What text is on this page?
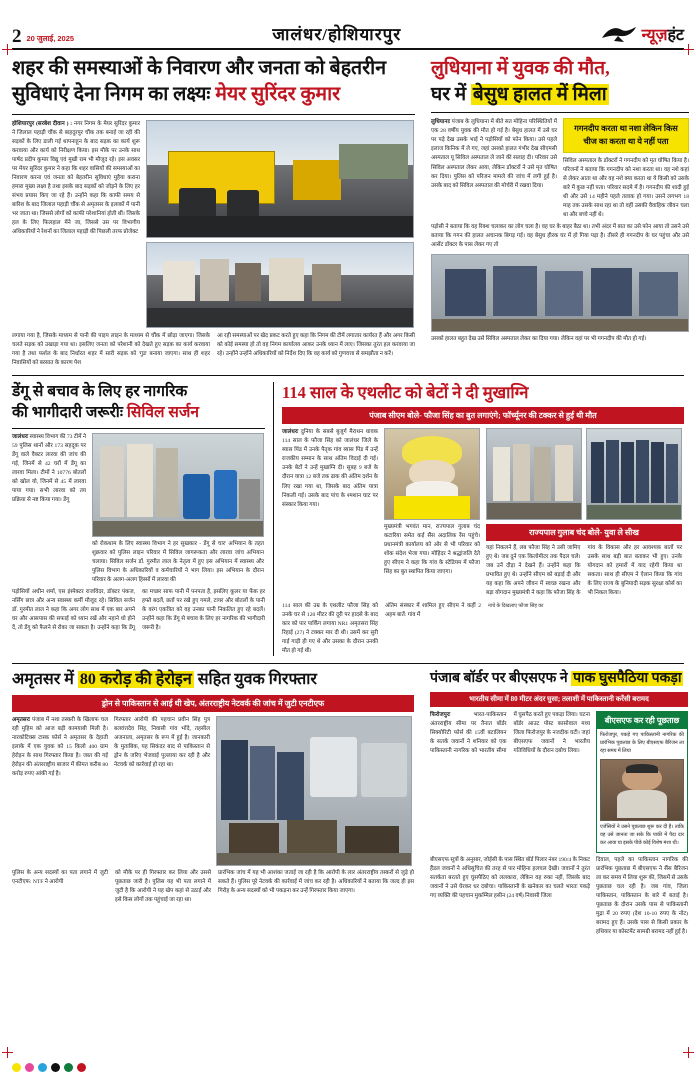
2 20 जुलाई, 2025	जालंधर/होशियारपुर	न्यूज़हंट
शहर की समस्याओं के निवारण और जनता को बेहतरीन
सुविधाएं देना निगम का लक्ष्यः मेयर सुरिंदर कुमार
होशियारपुर (सरबेश दीवान ) : नगर निगम के मेयर सुरिंदर कुमार ने जिलाल पहाड़ी चौंक से बाहदुरपुर चौंक तक बनाई जा रही की सड़कों के लिए डाली गई थापनाहून के बाद सड़क का कार्य शुरू करवाया और कार्य को निरीक्षण किया। इस मौके पर उनके साथ पार्षद प्रदीप कुमार विद्यु एवं मुखी राम भी मौजूद रहे। इस अवसर पर मेयर सुरिंदर कुमार ने कहा कि शहर वासियों की समस्याओं का निवारण करना एवं जनता को बेहतरीन सुविधाएं मुहैया कराना हमारा मुख्य लक्ष्य है तथा इसके बाद सड़कों को जोड़ने के लिए हर संभव प्रयास किए जा रहे हैं। उन्होंने कहा कि काफी समय से बारिश के बाद जिलाल पहाड़ी चौंक से अमृतसर के इलाकों में पानी भर जाता था। जिससे लोगों को काफी परेशानियां होती थीं। जिसके हल के लिए फिलहाल मेंने जा, जिससे उस पर विभागीय अधिकारियों ने रेशनों का जिलाल पहाड़ी की पिछली तरफ प्रोजेक्ट
लगाया गया है, जिसके माध्यम से पानी की पाइप लाइन के माध्यम से चौंक में छोड़ा जाएगा। जिसके चलते सड़क को उखाड़ा गया था। इसलिए जनता को परेशानी को देखते हुए सड़क का कार्य करवाया गया है तथा फर्शल के बाद निर्धारत शहर में सारी सड़क को 'गुड' बनाया जाएगा। साथ ही शहर निवासियों को बरसात के कारण पेश
आ रही समस्याओं पर खेद प्रकट करते हुए कहा कि निगम की टीमें लगातार कार्यरत हैं और अगर किसी को कोई समस्या हो तो वह निगम कार्यालय आकर उनके ध्यान में लाए। जिसका तुरंत हल करवाया जा रहे। उन्होंने उन्होंने अधिकारियों को निर्देश दिए कि वह कार्य को गुणवत्ता से समझौता न करें।
लुधियाना में युवक की मौत,
घर में बेसुध हालत में मिला
लुधियानाः पंजाब के लुधियाना में बीते सत मोहिना परिस्थितियों में एक 28 वर्षीय युवक की मौत हो गई है। बेसुध हालत में उसे घर पर पड़े देख उसके भाई ने पड़ोसियों को फोन किया। उसे पहले इलाज किनिक में ले गए, जहां उसको हालत गंभीर देख सीएमसी अस्पताल यू सिविल अस्पताल ले जाने की सलाह दी। परिवार उसे सिविल अस्पताल लेकर आया, लेकिन डॉक्टरों ने उसे मृत घोषित कर दिया। पुलिस को परिजन मामले की जांच में लगी हुई है। उसके बाद को सिविल अस्पताल की मोर्चरी में रखवा दिया।
गगनदीप करता था नशा लेकिन किस चीज का करता था ये नहीं पता
सिविल अस्पताल के डॉक्टरों ने गगनदीप को मृत घोषित किया है। परिजनों ने बताया कि गगनदीप को नशा करता था। वह नशे कहां से लेकर आता था और वह नशे क्या करता था ये किसी को उसके बारे में कुछ नहीं पता। परिवार सदमे में है। गगनदीप की शादी हुई थी और उसे 14 महीने पहले तलाक हो गया। उसने लगभग 18 माह तक उसके साथ रहा था तो वहीं उसकी वैवाहिक जीवन चला था और बच्चे नहीं थे।
पड़ोसी ने बताया कि वह रिक्श चलाकर का लोग चला है। वह घर के बाहर बैठा था। तभी अंदर में बात का उसे फोन आया तो उसने उसे बताया कि गगन की हालत अचानक बिगड़ गई। वह बेसुध हीरक घर में हो गिया पड़ा है। तीसरे ही गगनदीप के घर पहुंचा और उसे आसेंट डॉक्टर के पास लेकर गए तो
उसको हालत बहुत देख उसे सिविल अस्पताल लेकर का दिया गया। लेकिन वहां पर भी गगनदीप की मौत हो गई।
डेंगू से बचाव के लिए हर नागरिक
की भागीदारी जरूरीः सिविल सर्जन
जालंधरः स्वास्थ्य विभाग की 73 टीमें ने 59 पुलिस थानों और 173 सहदूक पर डेंगू वाले वैक्टर लारवा की जांच की गई, जिनमें से 42 घरों में डेंगू का लारवा मिला। टीमों ने 10776 बोतलों को खोल यो, जिनमें से 45 में लारवा पाया गया। सभी लारवा को तय प्रक्रिया से नष्ट किया गया। डेंगू
को रोकथाम के लिए स्वास्थ्य विभाग ने हर सुखकार - डेंगू से चार' अभियान के तहत शुक्रवार को पुलिस लाइन परिवार में सिविल जागरूकता और लारवा जांच अभियान चलाया। सिविल सर्जन डॉ. गुरमीत लाल के नेतृत्व में हुए इस अभियान में स्वास्थ्य और पुलिस विभाग के अधिकारियों व कर्मचारियों ने भाग लिया। इस अभियान के दौरान परिवार के अलग-अलग हिस्सों में लारवा की
पड़ोसियों अधीन शर्मा, एस इंस्पेक्टर राजविंदर, डॉक्टर पंकज, नर्सिंग छात्र और अन्य स्वास्थ्य कर्मी मौजूद रहे। सिविल सर्जन डॉ. गुरमीत लाल ने कहा कि अगर लोग साथ में एक बार अपने घर और आसपास की सफाई को ध्यान रखें और नहाने धो होने दें, तो डेंगू को फैलने से रोका जा सकता है। उन्होंने कहा कि डेंगू का मच्छर साफ पानी में पनपता है, इसलिए कूलर या फेंक हर हफ्ते बदलें, छतों पर रखे हुए गमले, टायर और बोतलों के पानी के वरंग एकत्रित को वह उनका पानी निकलित हुए रहे बदलें। उन्होंने कहा कि डेंगू से बचाव के लिए हर नागरिक की भागीदारी जरूरी है।
114 साल के एथलीट को बेटों ने दी मुखाग्नि
पंजाब सीएम बोले- फौजा सिंह का बुत लगाएंगे; फॉर्च्यूनर की टक्कर से हुई थी मौत
जालंधरः दुनिया के सबसे बुजुर्ग मैराथन धावक 114 साल के फौजा सिंह को जालंधर जिले के ब्यास पिंड में उनके पैतृक गांव ब्यास पिंड में उन्हें राजकीय सम्मान के साथ अंतिम विदाई दी गई। उनके बेटों ने उन्हें मुखाग्नि दी। सुबह 9 बजे के दौरान यात्रा 12 बजे तक ढाक की अंतिम दर्शन के लिए रखा गया था, जिसके बाद अंतिम यात्रा निकली गई। उसके बाद पांच के श्मशान घाट पर संस्कार किया गया।
मुख्यमंत्री भगवंत मान, राज्यपाल गुलाब चंद कटारिया समेत कई सैंस अदालिक रेंस पहुंचे। प्रधानमंत्री कार्यालय को ओर से भी परिवार को शोक संदेश भेजा गया। मोहिंदर ने श्रद्धांजलि देते हुए सीएम ने कहा कि गांव के स्टेडियम में फौजा सिंह का बुत स्थापित किया जाएगा।
राज्यपाल गुलाब चंद बोले- युवा ले सीख
यहां निकलने हैं, लब फौजा सिंह ने उसी जामिए हुए थे। जब दुने एक किलोमीटर तक पैदल चले। जब उनें दौड़ा ने देखने हैं। उन्होंने कहा कि प्रभावित हुए थे। उन्होंने सीएम को बड़ाई दी और यह कहा कि अपने जीवन में स्वच्छ रखना और बड़ा योगदान मुख्यमंत्री ने कहा कि फौजा सिंह के गांव के विकास और हर आवश्यक बातों पर उसके साथ बड़ी बात बताकर भी हुए। उनके योगदान को हमारों में याद रहेगी किया था सकता। साथ ही सीएम ने ऐलान किया कि गांव के लिए राज्य के बुनियादी सड़क सुरक्षा कोर्स का भी निकल किया।
114 साल की उम्र के एथलीट फौजा सिंह को उनके घर से 120 मीटर की दूरी पर हादसे के बाद कार को पार पार्किंग लगाया NR1 अमृतसरा सिंह रिहाई (27) ने टक्कर मार दी थी। उसमें कर सुरी गाई गाड़ी ही गए थे और उसका के दौरान उनकी मौत हो गई थी।
अंतिम संस्कार में शामिल हुए सीएम ने कहीं 2 अहम बातें: गांव में
नाचे के दिखलाए फौजा सिंह का
अमृतसर में 80 करोड़ की हेरोइन सहित युवक गिरफ्तार
ड्रोन से पाकिस्तान से आई थी खेप, अंतरराष्ट्रीय नेटवर्क की जांच में जुटी एनटीएफ
अमृतसरः पंजाब में नशा तस्करी के खिलाफ चल रही मुहिम को आज बड़ी कामयाबी मिली है। नारकोटिक्स टास्क फोर्स ने अमृतसर के देहाती इलाके में एक युवक को 15 किलो 400 ग्राम हेरोइन के साथ गिरफ्तार किया है। जब्त की गई हेरोइन की अंतरराष्ट्रीय बाजार में कीमत करीब 80 करोड़ रुपए आंकी गई है।
गिरफ्तार आरोपी की पहचान प्रवीन सिंह पुत्र बलवंत्तदेव सिंह, निवासी गांव भोंदे, तहसील अजनाला, अमृतसर के रूप में हुई है। जानकारी के मुताबिक, यह सिकंदर बाद से पाकिस्तान से ड्रोन के जरिए भेजवाई पुल्लाया कर रही है और नेटवर्क को कार्रवाई हो रहा था।
पुलिस के अन्य सदस्यों का पता लगाने में जुटी एनटीएफ: NTF ने आरोपी
को मौके पर ही गिरफ्तार कर लिया और उससे पूछताछ जारी है। पुलिस यह भी पता लगाने में जुटी है कि आरोपी ने यह खेप कहां से उठाई और इसे किस लोगों तक पहुंचाई जा रहा था।
प्रारंभिक जांच में यह भी आशंका जताई जा रही है कि आरोपी के लार अंतरराष्ट्रीय तस्करों से जुड़े हो सकते हैं। पुलिस पूरे नेटवर्क की कार्रवाई में जांच कर रही है। अधिकारियों ने बताया कि जल्द ही इस गिरोह के अन्य सदस्यों को भी पकड़ना कर उन्हें गिरफ्तार किया जाएगा।
पंजाब बॉर्डर पर बीएसएफ ने पाक घुसपैठिया पकड़ा
भारतीय सीमा में 80 मीटर अंदर घुसा; तलाशी में पाकिस्तानी करेंसी बरामद
फिरोजपुरः	भारत-पाकिस्तान अंतरराष्ट्रीय सीमा पर तैनात बॉर्डर सिक्योरिटी फोर्स की 15वीं बटालियन के सतर्क जवानों ने शनिवार को एक पाकिस्तानी नागरिक को भारतीय सीमा में घुसपैठ करते हुए पकड़ा लिया। घटना बॉर्डर आउट पोस्ट कासोवाल मध्य जिला फिरोजपुर के नजदीक घटी। जहां बीएसएफ जवानों ने भारतीय गतिविधियों के दौरान दबोच लिया।
बीएसएफ कर रही पूछताछ
फिरोजपुर, पकड़े गए पाकिस्तानी नागरिक की प्रारंभिक पूछताछ के लिए बीएसएफ बैरिजन ला रहा समय में लिया
एजेंसियों ने उसने पूछताछ शुरू कर दी है। ताकि वह उसे जानता जा सके कि पाकी में पैदा दार कर आया या इसके पीछे कोई विशेष मंशा थी।
बीएसएफ सूत्रों के अनुसार, जोईसी के पास स्थित बॉर्ड पिलार नंबर 190/4 के निकट हैंडल जवानों ने अधिसुचित की तरह से पार मोहिना हलचल देखी। जवानों ने तुरंत सतर्कता बरतते हुए घुसपैठिए को ललकारा, लेकिन वह रुका नहीं, जिसके बाद जवानों ने उसे घेरकर धर दबोचा। पाकिस्तानी के खनेकार का चलते भारतः पकड़े गए व्यक्ति की पहचान मुकम्मिल हसीन (24 वर्ष) निवासी जिला
दिवाल, पहले का पाकिस्तान नागरिक की प्रारंभिक पूछताछ में बीएसएफ ने सैंस बैरिजन ला कर समय में लिया शुरू की, जिसमें से उसके पुछताछ चल रही है। जब गांव, जिला पाकिस्तान, पाकिस्तान के बारे में बताई है। पूछताछ के दौरान उसके पास से पाकिस्तानी मुद्रा में 20 रुपए (देश 10-10 रुपए के नोट) बरामद हुए हैं। उसके पास से किसी प्रकार के हथियार या कोस्टमेंट सामग्री बरामद नहीं हुई है।
